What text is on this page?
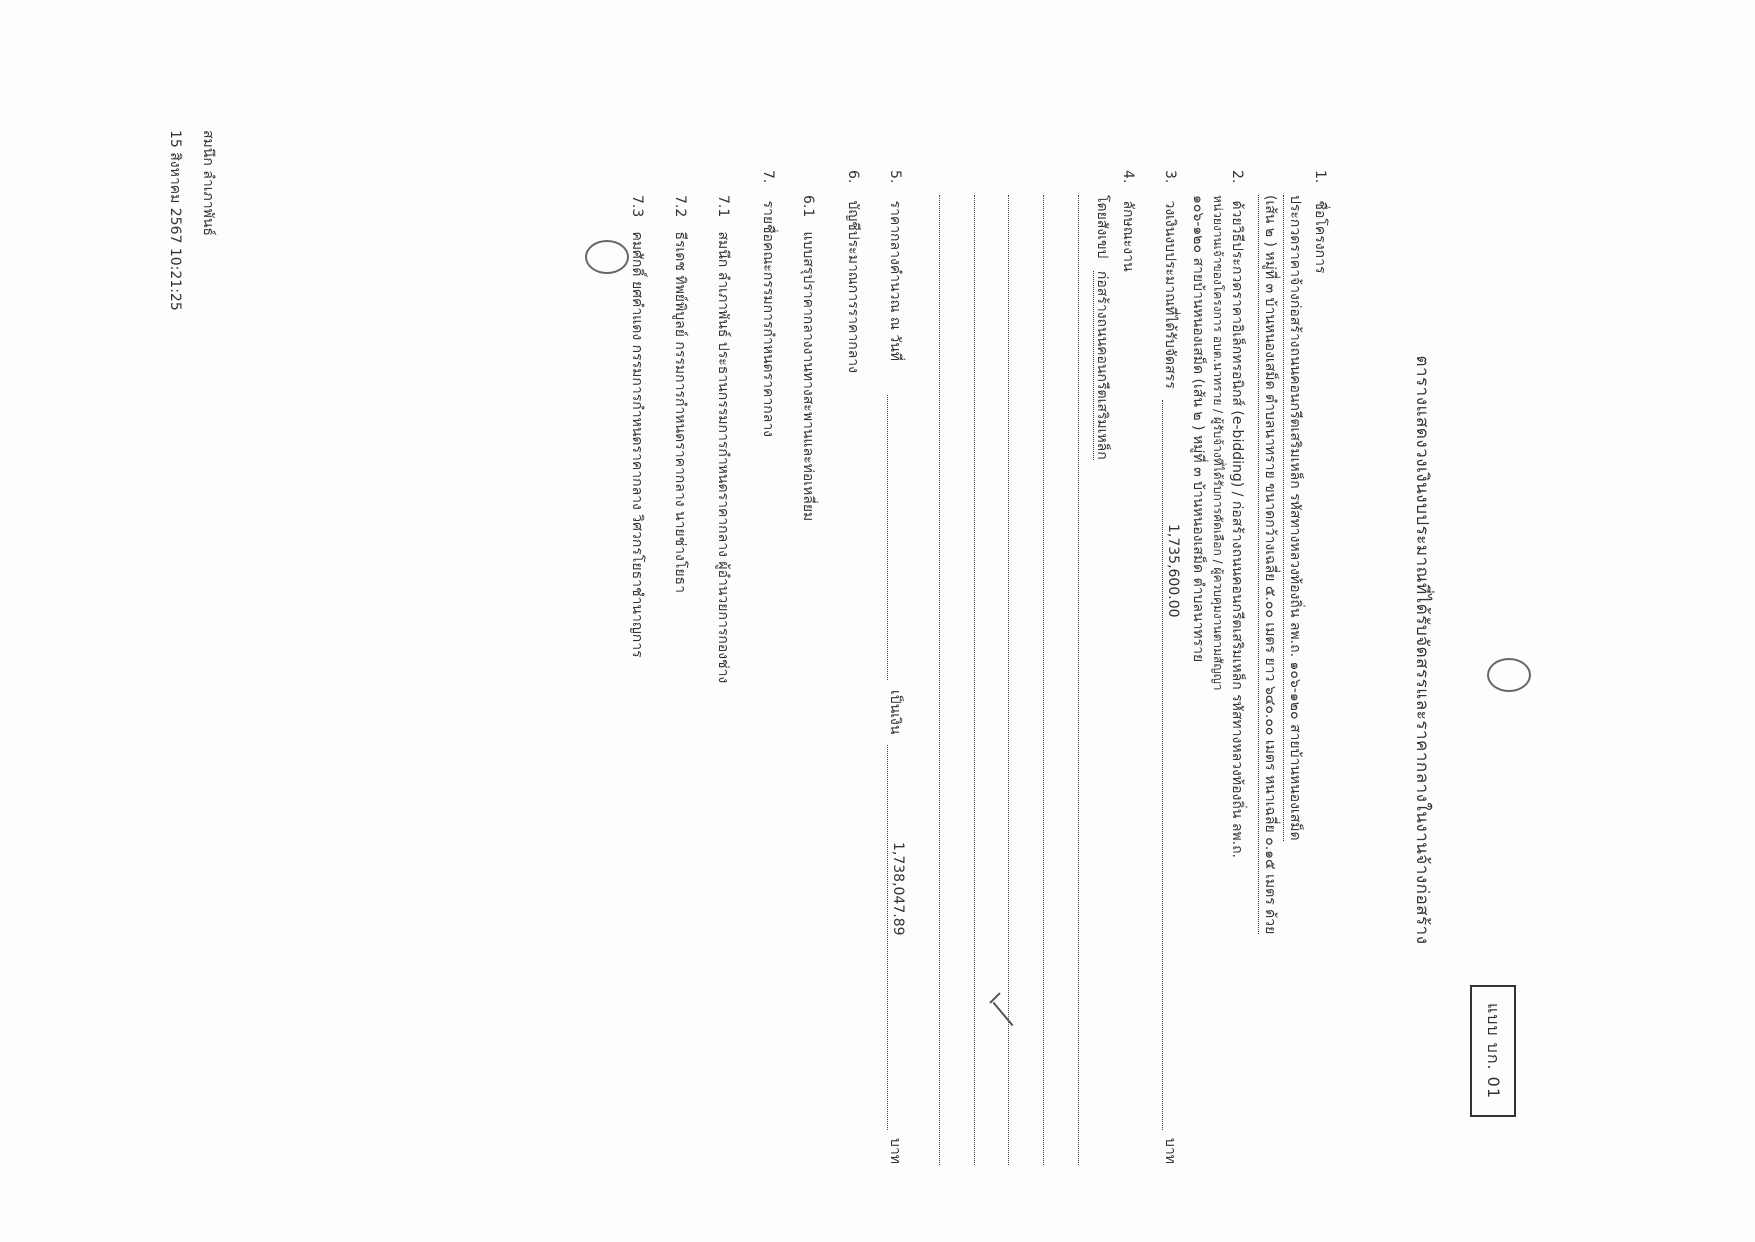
แบบ บก. 01
ตารางแสดงวงเงินงบประมาณที่ได้รับจัดสรรและราคากลางในงานจ้างก่อสร้าง
1. ชื่อโครงการ
ประกวดราคาจ้างก่อสร้างถนนคอนกรีตเสริมเหล็ก รหัสทางหลวงท้องถิ่น ลพ.ถ. ๑๐๖-๑๒๐ สายบ้านหนองเสม็ด
(เส้น ๒ ) หมู่ที่ ๓ บ้านหนองเสม็ด ตำบลนาทราย ขนาดกว้างเฉลี่ย ๕.๐๐ เมตร ยาว ๖๔๐.๐๐ เมตร หนาเฉลี่ย ๐.๑๕ เมตร ด้วย
2. ด้วยวิธีประกวดราคาอิเล็กทรอนิกส์ (e-bidding) / ก่อสร้างถนนคอนกรีตเสริมเหล็ก รหัสทางหลวงท้องถิ่น ลพ.ถ.
หน่วยงานเจ้าของโครงการ อบต.นาทราย / ผู้รับจ้างที่ได้รับการคัดเลือก / ผู้ควบคุมงานตามสัญญา
๑๐๖-๑๒๐ สายบ้านหนองเสม็ด (เส้น ๒ ) หมู่ที่ ๓ บ้านหนองเสม็ด ตำบลนาทราย
3. วงเงินงบประมาณที่ได้รับจัดสรร
1,735,600.00
บาท
4. ลักษณะงาน
โดยสังเขป ก่อสร้างถนนคอนกรีตเสริมเหล็ก
5. ราคากลางคำนวณ ณ วันที่
เป็นเงิน
1,738,047.89
บาท
6. บัญชีประมาณการราคากลาง
6.1 แบบสรุปราคากลางงานทางสะพานและท่อเหลี่ยม
7. รายชื่อคณะกรรมการกำหนดราคากลาง
7.1 สมนึก ลำเภาพันธ์ ประธานกรรมการกำหนดราคากลาง ผู้อำนวยการกองช่าง
7.2 ธีรเดช ทิพย์พิบูลย์ กรรมการกำหนดราคากลาง นายช่างโยธา
7.3 คมศักดิ์ ยศคำแดง กรรมการกำหนดราคากลาง วิศวกรโยธาชำนาญการ
สมนึก ลำเภาพันธ์
15 สิงหาคม 2567 10:21:25
